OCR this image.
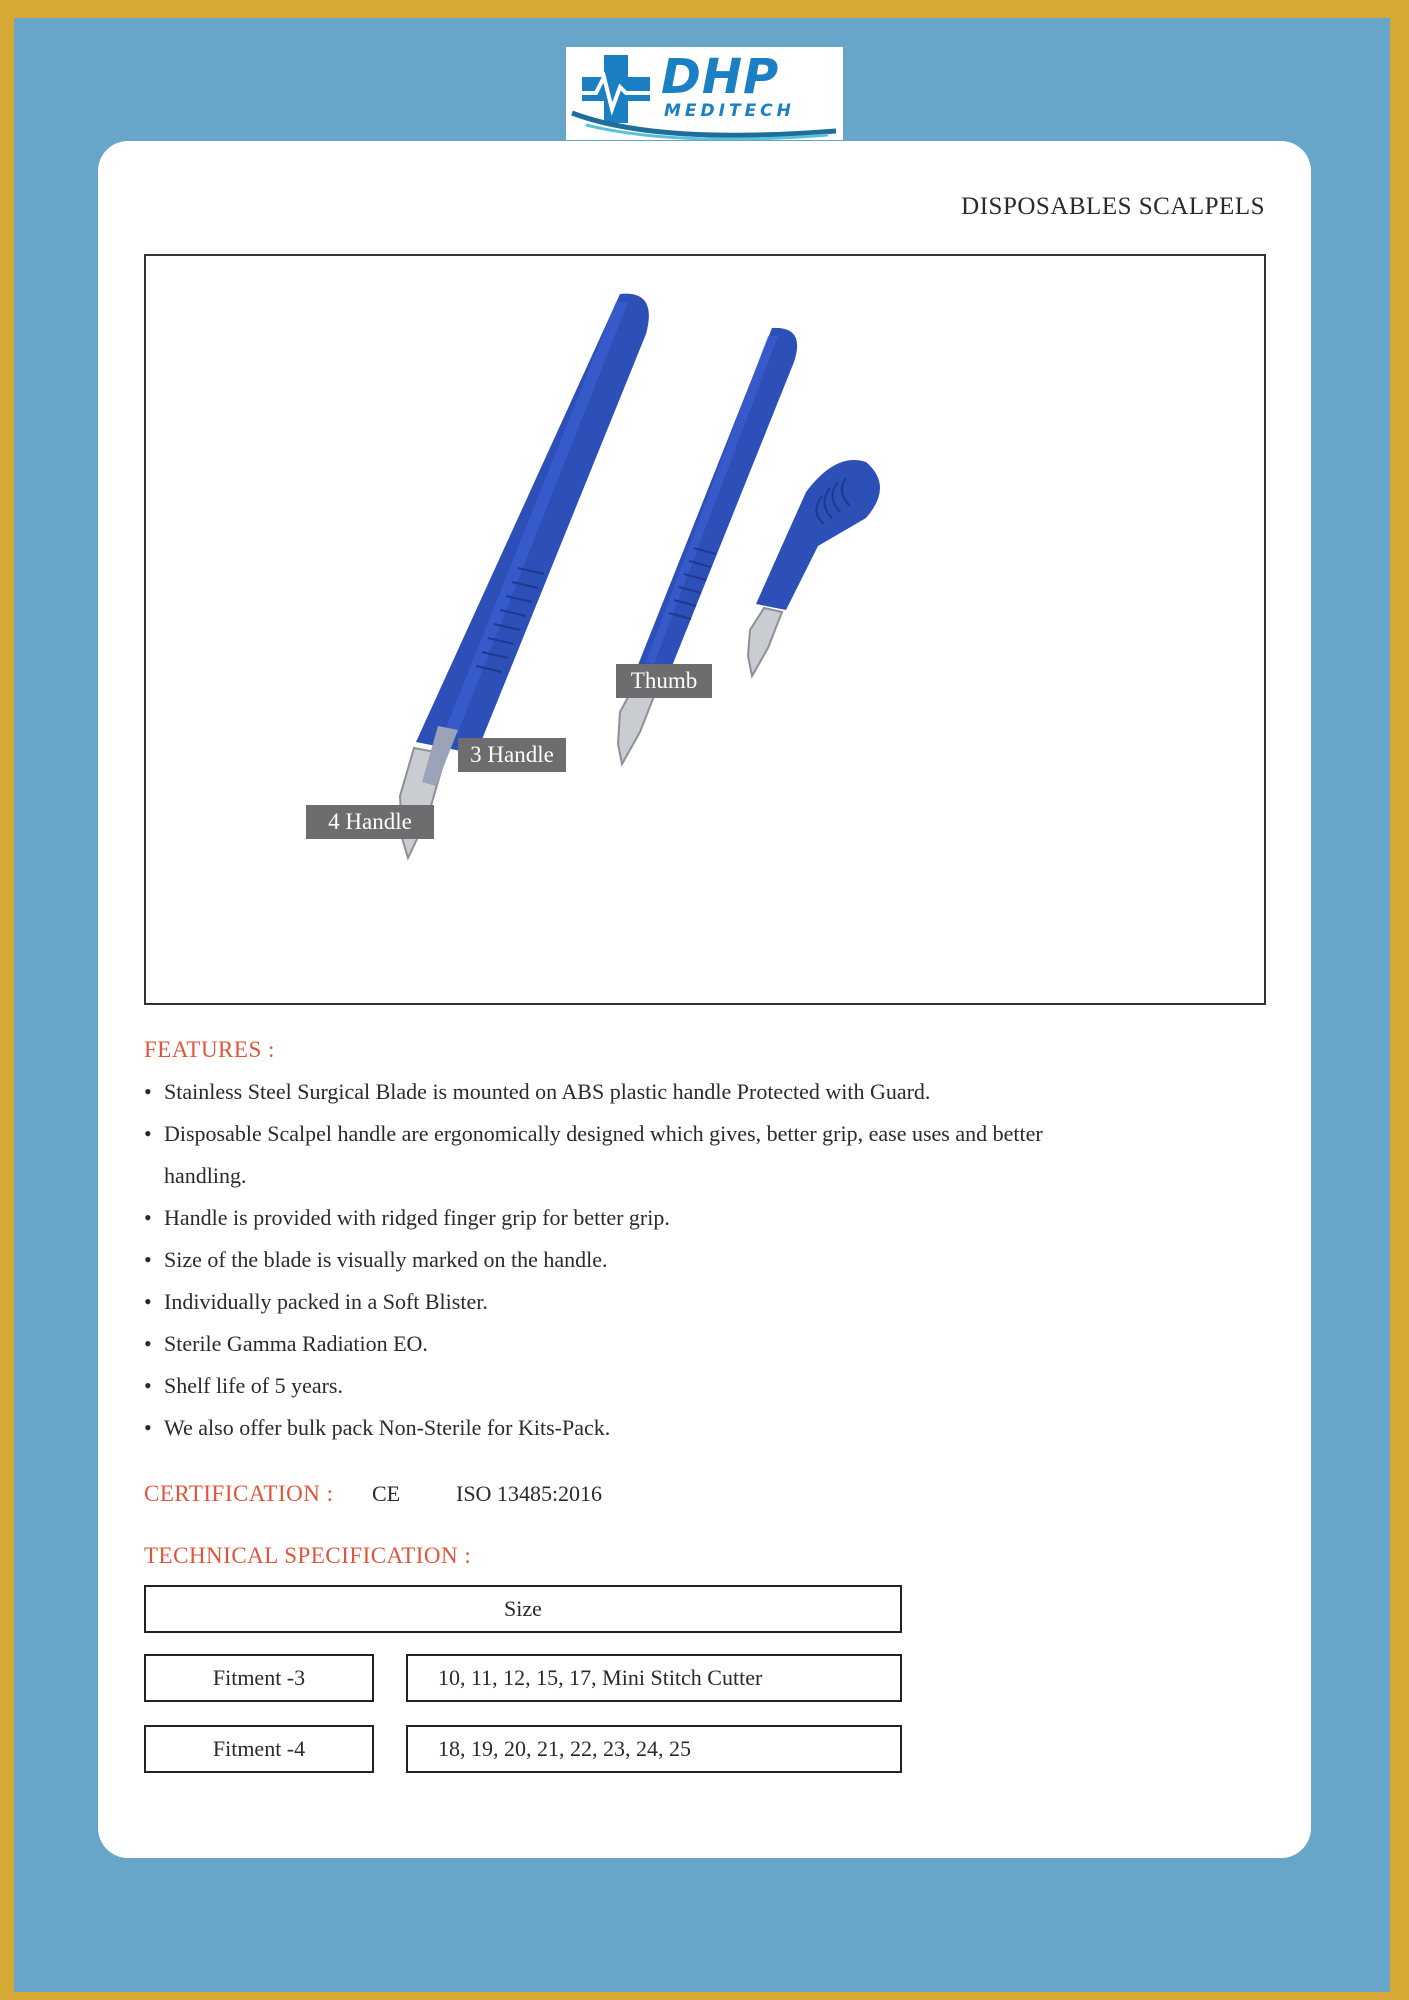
DHP
MEDITECH
DISPOSABLES SCALPELS
Thumb
3 Handle
4 Handle
FEATURES :
• Stainless Steel Surgical Blade is mounted on ABS plastic handle Protected with Guard.
• Disposable Scalpel handle are ergonomically designed which gives, better grip, ease uses and better handling.
• Handle is provided with ridged finger grip for better grip.
• Size of the blade is visually marked on the handle.
• Individually packed in a Soft Blister.
• Sterile Gamma Radiation EO.
• Shelf life of 5 years.
• We also offer bulk pack Non-Sterile for Kits-Pack.
CERTIFICATION : CE	ISO 13485:2016
TECHNICAL SPECIFICATION :
Size
Fitment -3	10, 11, 12, 15, 17, Mini Stitch Cutter
Fitment -4	18, 19, 20, 21, 22, 23, 24, 25
